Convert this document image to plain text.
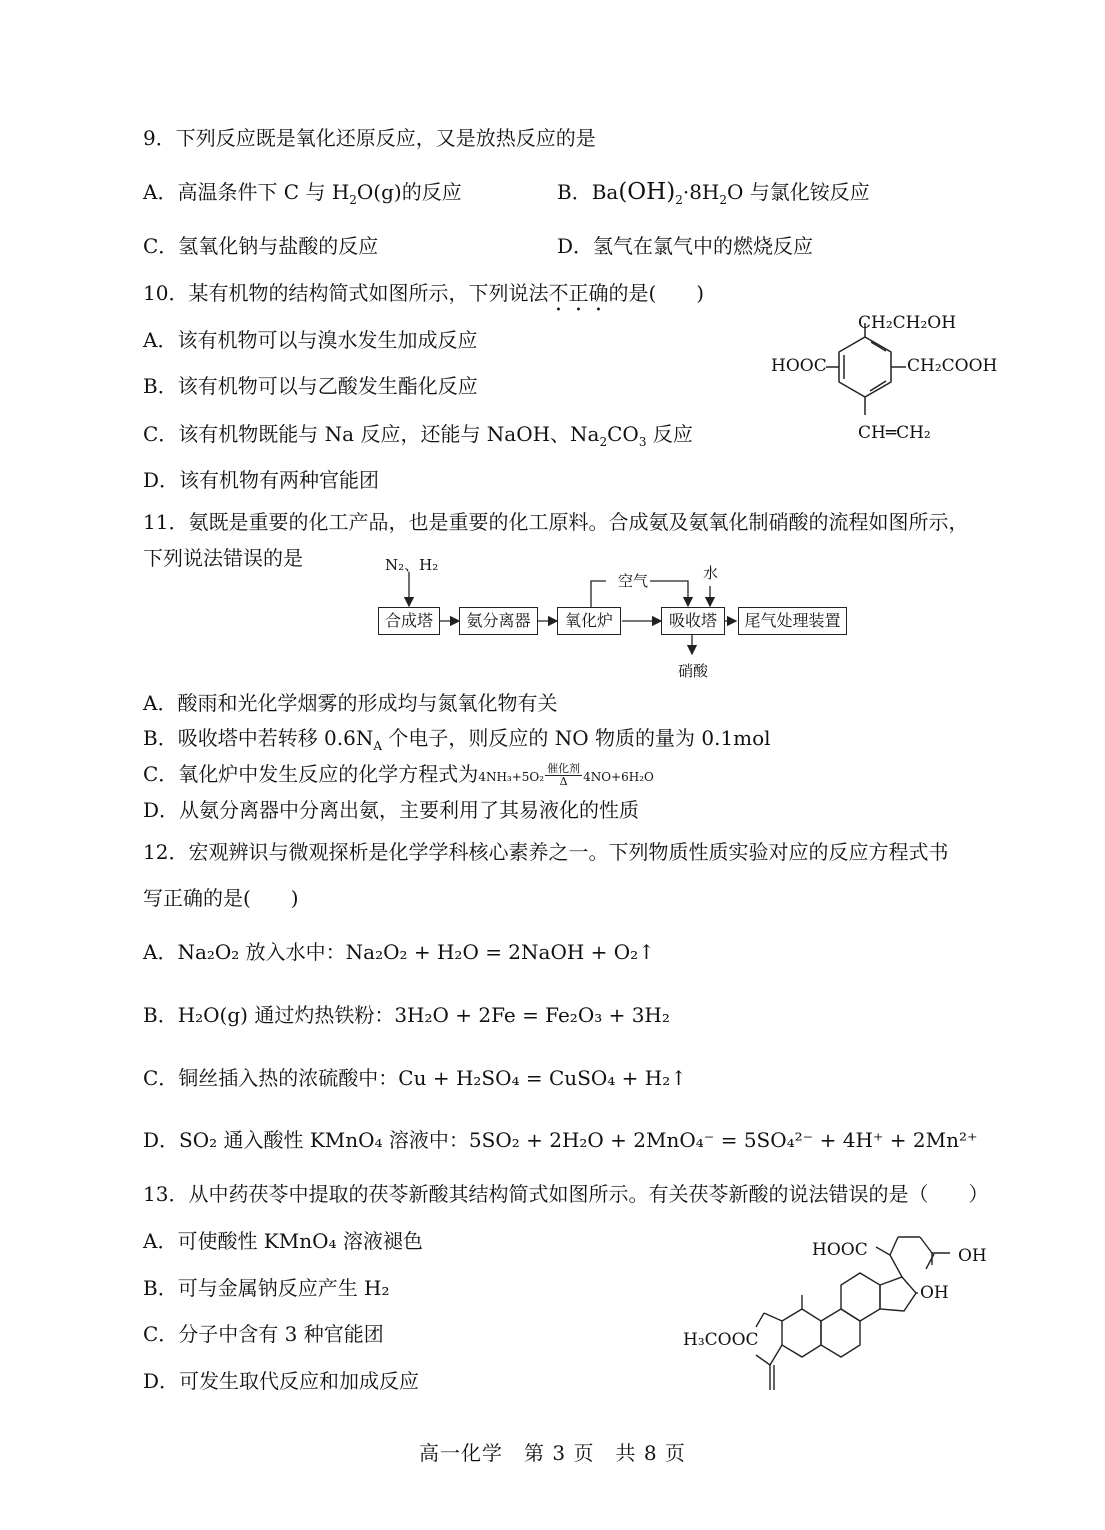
9．下列反应既是氧化还原反应，又是放热反应的是
A．高温条件下 C 与 $H_2O(g)$的反应	B．$Ba(OH)_2\cdot 8H_2O$ 与氯化铵反应
C．氢氧化钠与盐酸的反应	D．氢气在氯气中的燃烧反应
10．某有机物的结构简式如图所示，下列说法不正确的是(　　)
A．该有机物可以与溴水发生加成反应
B．该有机物可以与乙酸发生酯化反应
C．该有机物既能与 Na 反应，还能与 NaOH、$Na_2CO_3$ 反应
D．该有机物有两种官能团
CH₂CH₂OH
HOOC	CH₂COOH
CH═CH₂
11．氨既是重要的化工产品，也是重要的化工原料。合成氨及氨氧化制硝酸的流程如图所示，
下列说法错误的是	N₂、H₂
空气	水
硝酸
合成塔	氨分离器	氧化炉	吸收塔	尾气处理装置
A．酸雨和光化学烟雾的形成均与氮氧化物有关
B．吸收塔中若转移 $0.6N_A$ 个电子，则反应的 NO 物质的量为 0.1mol
C．氧化炉中发生反应的化学方程式为4NH₃+5O₂
催化剂
Δ	4NO+6H₂O
D．从氨分离器中分离出氨，主要利用了其易液化的性质
12．宏观辨识与微观探析是化学学科核心素养之一。下列物质性质实验对应的反应方程式书
写正确的是(　　)
A．Na₂O₂ 放入水中：Na₂O₂ + H₂O = 2NaOH + O₂↑
B．H₂O(g) 通过灼热铁粉：3H₂O + 2Fe = Fe₂O₃ + 3H₂
C．铜丝插入热的浓硫酸中：Cu + H₂SO₄ = CuSO₄ + H₂↑
D．SO₂ 通入酸性 KMnO₄ 溶液中：5SO₂ + 2H₂O + 2MnO₄⁻ = 5SO₄²⁻ + 4H⁺ + 2Mn²⁺
13．从中药茯苓中提取的茯苓新酸其结构简式如图所示。有关茯苓新酸的说法错误的是（　　）
A．可使酸性 KMnO₄ 溶液褪色
B．可与金属钠反应产生 H₂
C．分子中含有 3 种官能团
D．可发生取代反应和加成反应
HOOC	OH
OH
H₃COOC
高一化学　第 3 页　共 8 页
